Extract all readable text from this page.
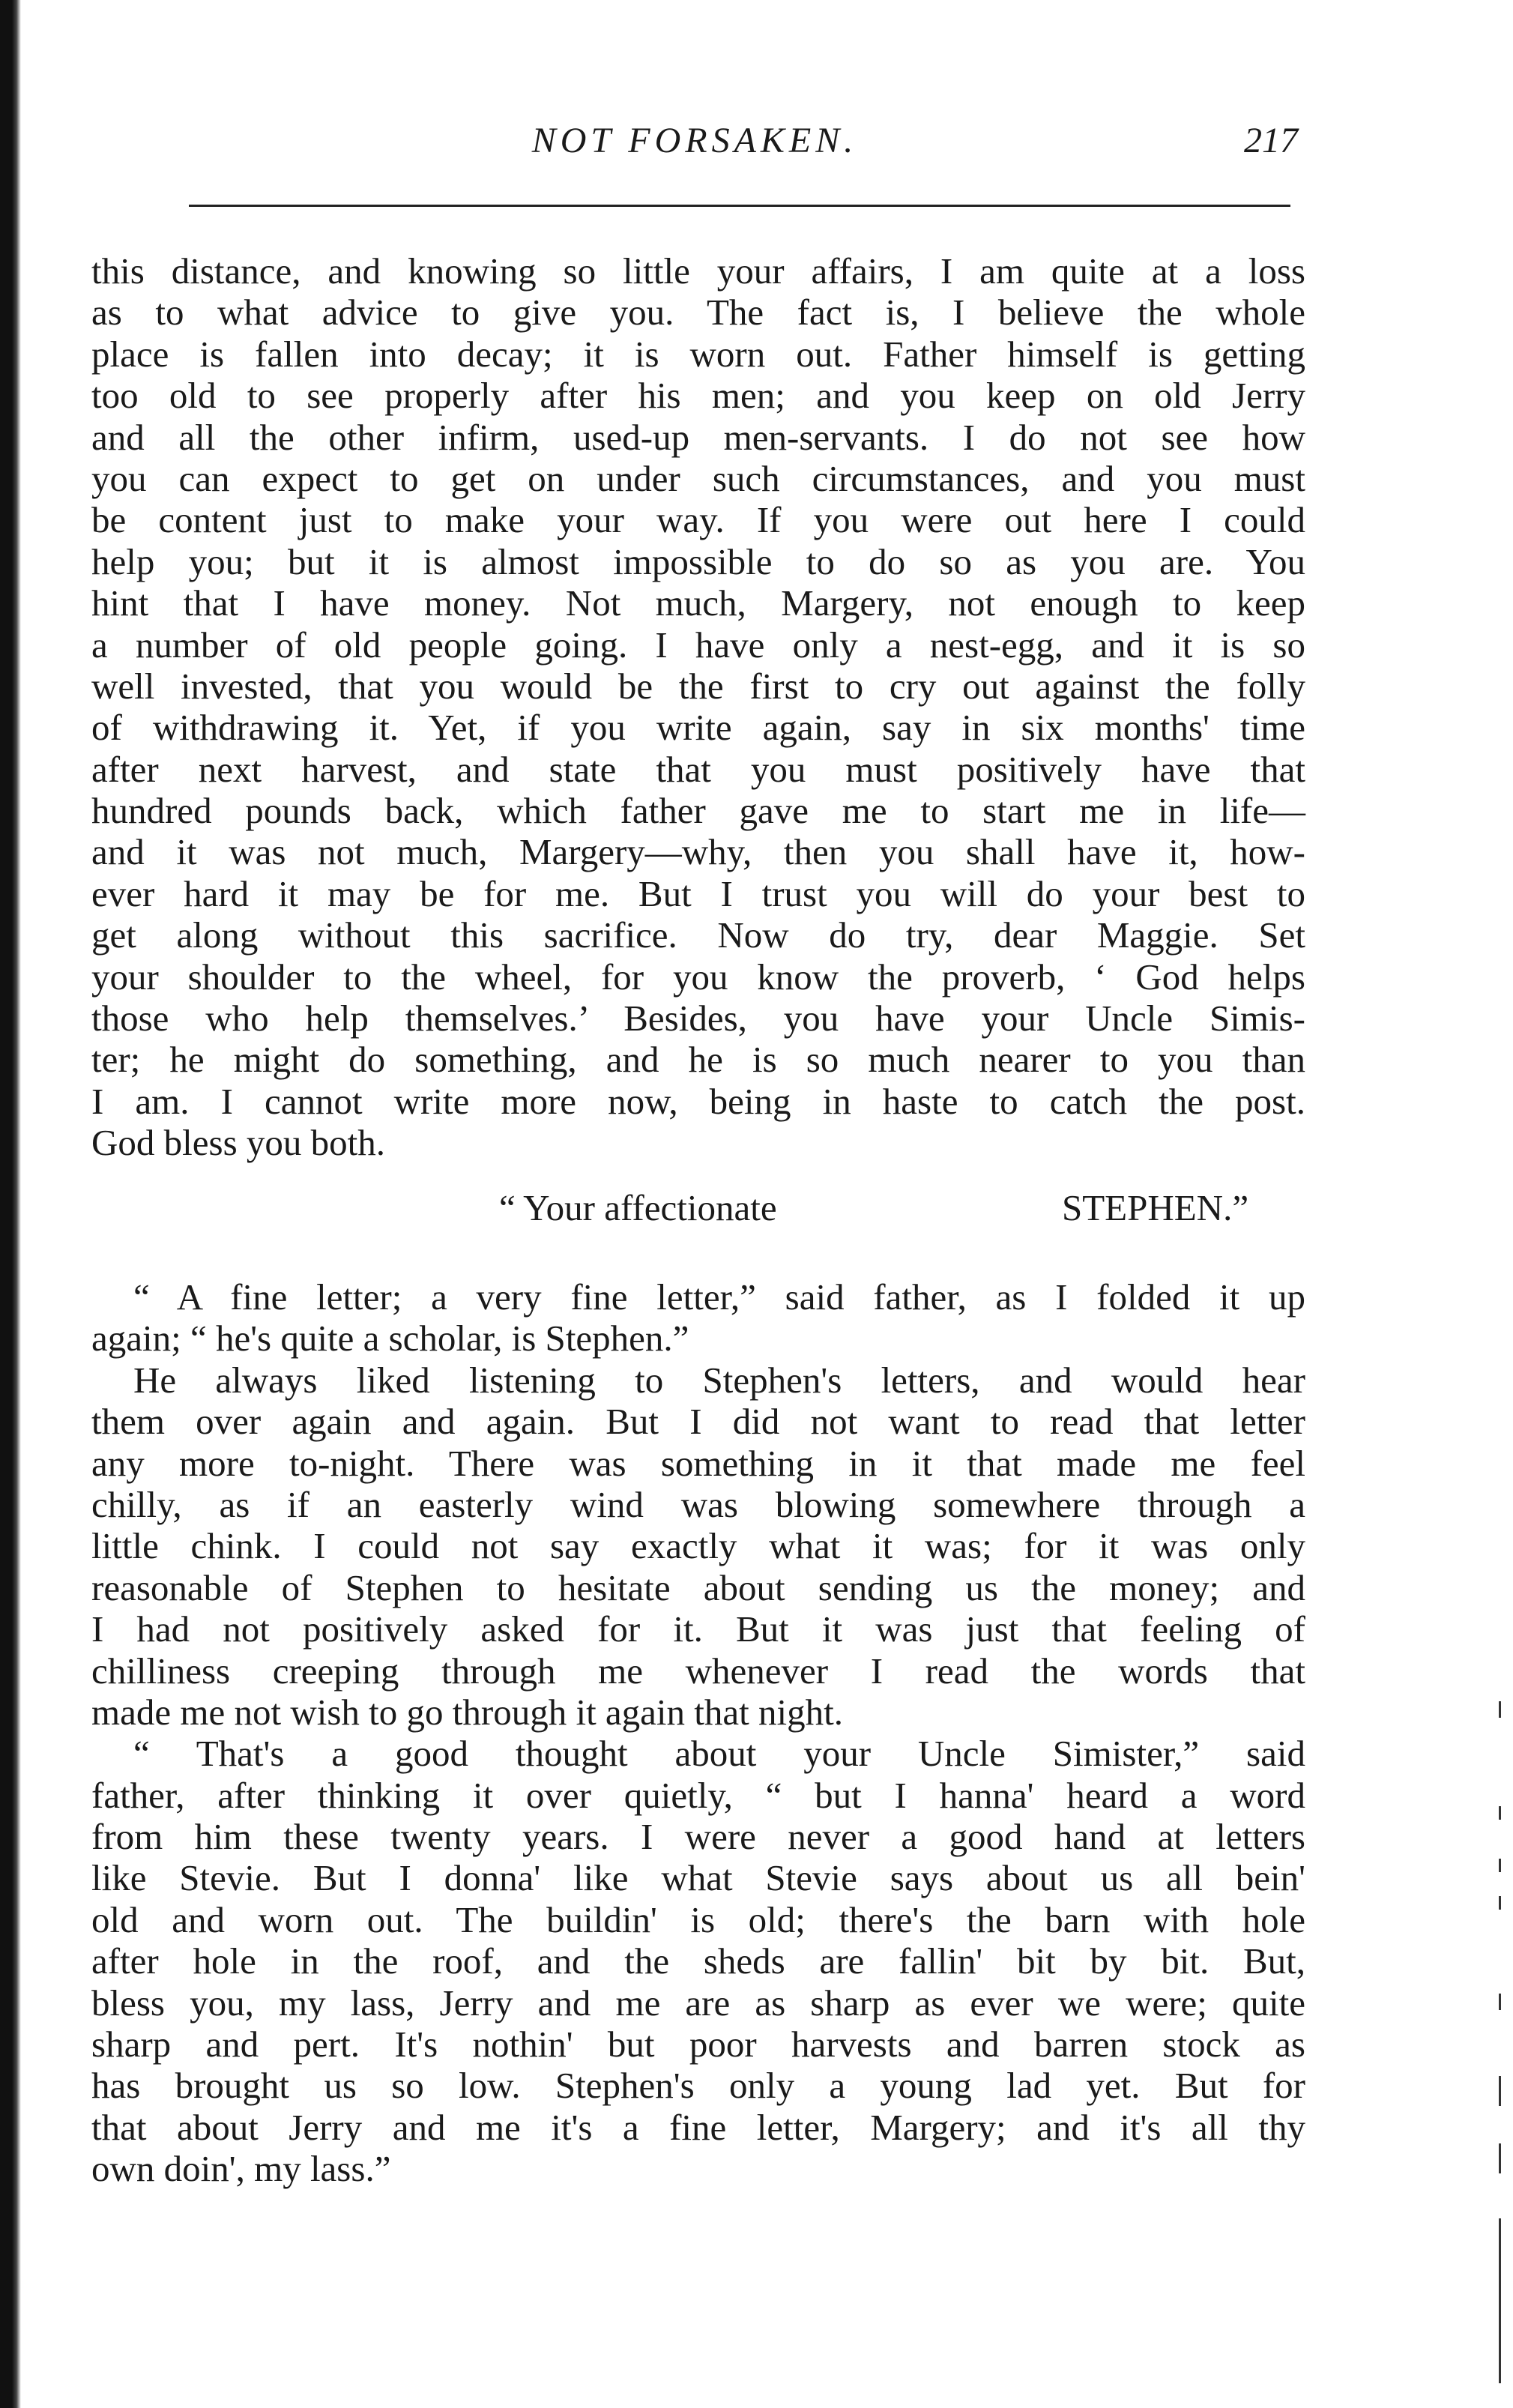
NOT FORSAKEN.	217
this distance, and knowing so little your affairs, I am quite at a loss
as to what advice to give you. The fact is, I believe the whole
place is fallen into decay; it is worn out. Father himself is getting
too old to see properly after his men; and you keep on old Jerry
and all the other infirm, used-up men-servants. I do not see how
you can expect to get on under such circumstances, and you must
be content just to make your way. If you were out here I could
help you; but it is almost impossible to do so as you are. You
hint that I have money. Not much, Margery, not enough to keep
a number of old people going. I have only a nest-egg, and it is so
well invested, that you would be the first to cry out against the folly
of withdrawing it. Yet, if you write again, say in six months' time
after next harvest, and state that you must positively have that
hundred pounds back, which father gave me to start me in life—
and it was not much, Margery—why, then you shall have it, how-
ever hard it may be for me. But I trust you will do your best to
get along without this sacrifice. Now do try, dear Maggie. Set
your shoulder to the wheel, for you know the proverb, ‘ God helps
those who help themselves.’ Besides, you have your Uncle Simis-
ter; he might do something, and he is so much nearer to you than
I am. I cannot write more now, being in haste to catch the post.
God bless you both.
“ Your affectionate	STEPHEN.”
“ A fine letter; a very fine letter,” said father, as I folded it up
again; “ he's quite a scholar, is Stephen.”
He always liked listening to Stephen's letters, and would hear
them over again and again. But I did not want to read that letter
any more to-night. There was something in it that made me feel
chilly, as if an easterly wind was blowing somewhere through a
little chink. I could not say exactly what it was; for it was only
reasonable of Stephen to hesitate about sending us the money; and
I had not positively asked for it. But it was just that feeling of
chilliness creeping through me whenever I read the words that
made me not wish to go through it again that night.
“ That's a good thought about your Uncle Simister,” said
father, after thinking it over quietly, “ but I hanna' heard a word
from him these twenty years. I were never a good hand at letters
like Stevie. But I donna' like what Stevie says about us all bein'
old and worn out. The buildin' is old; there's the barn with hole
after hole in the roof, and the sheds are fallin' bit by bit. But,
bless you, my lass, Jerry and me are as sharp as ever we were; quite
sharp and pert. It's nothin' but poor harvests and barren stock as
has brought us so low. Stephen's only a young lad yet. But for
that about Jerry and me it's a fine letter, Margery; and it's all thy
own doin', my lass.”
